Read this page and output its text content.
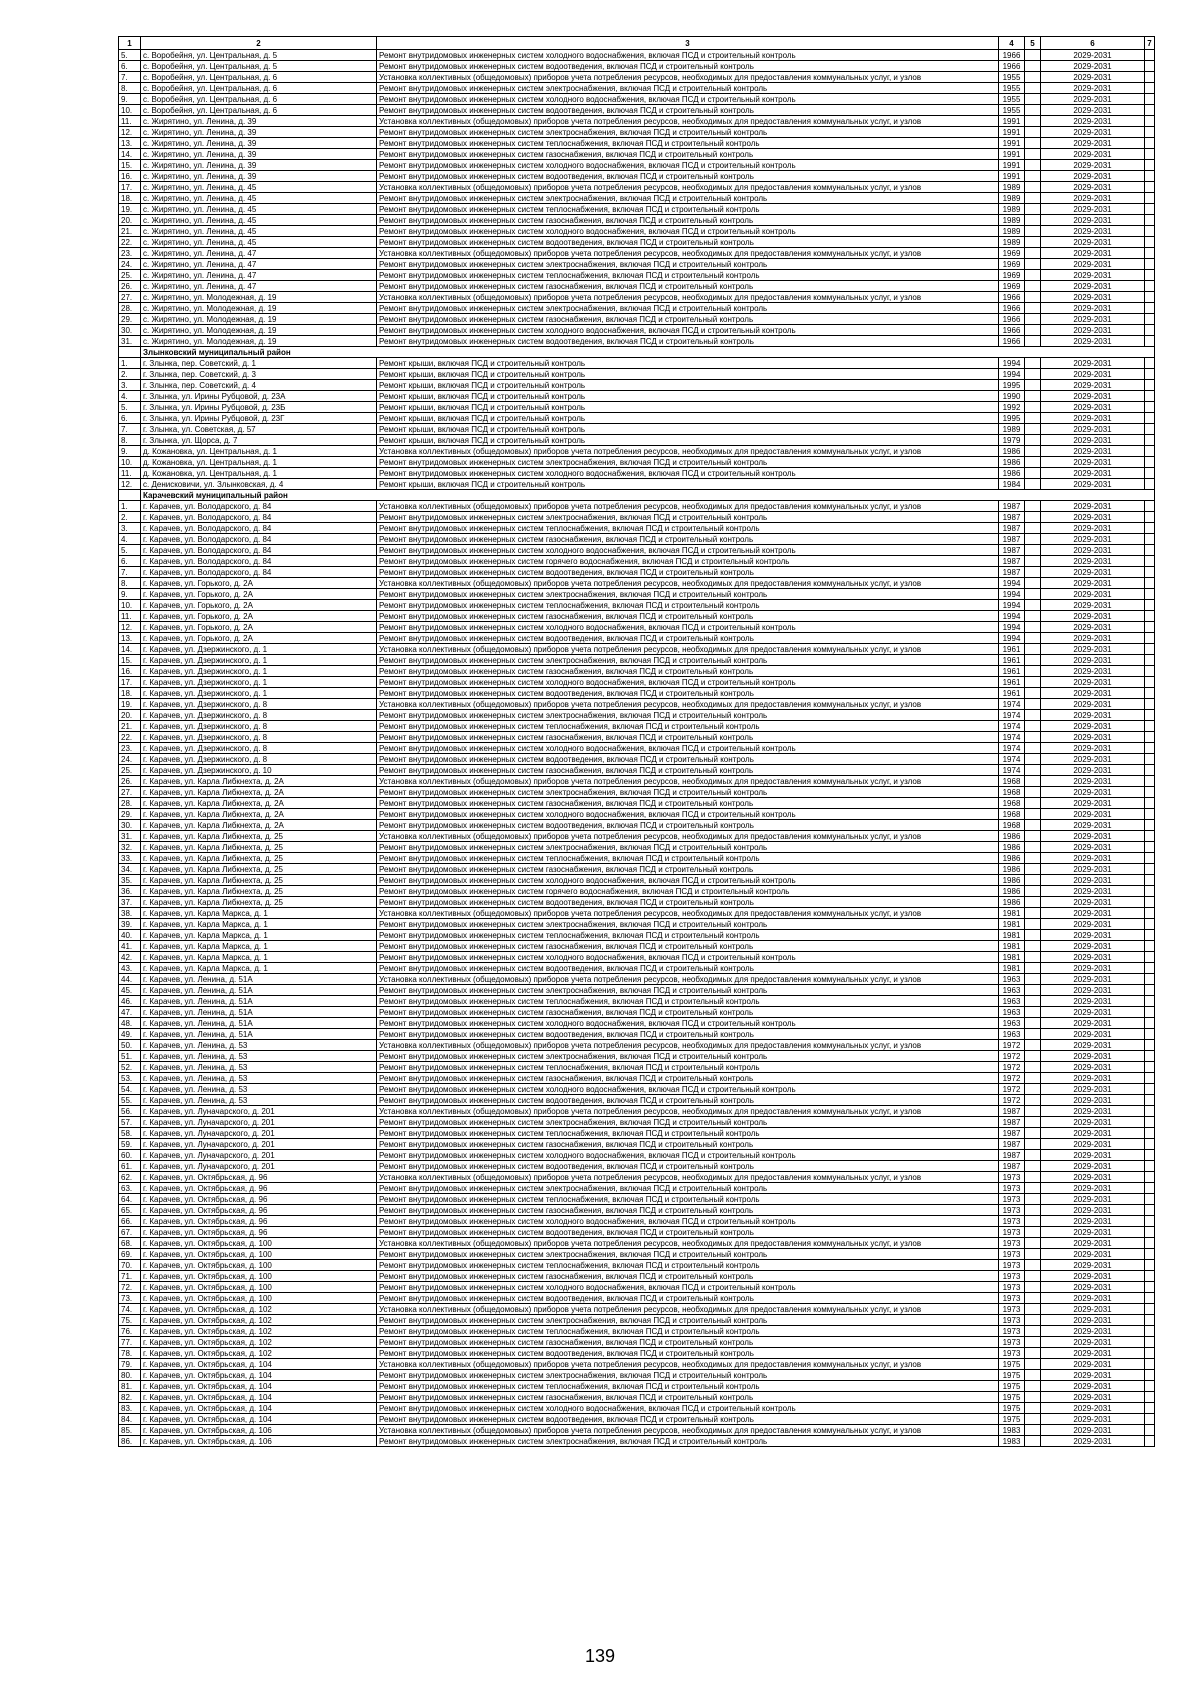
1	2	3	4	5	6	7
5.	с. Воробейня, ул. Центральная, д. 5	Ремонт внутридомовых инженерных систем холодного водоснабжения, включая ПСД и строительный контроль	1966		2029-2031	
6.	с. Воробейня, ул. Центральная, д. 5	Ремонт внутридомовых инженерных систем водоотведения, включая ПСД и строительный контроль	1966		2029-2031	
7.	с. Воробейня, ул. Центральная, д. 6	Установка коллективных (общедомовых) приборов учета потребления ресурсов, необходимых для предоставления коммунальных услуг, и узлов	1955		2029-2031	
8.	с. Воробейня, ул. Центральная, д. 6	Ремонт внутридомовых инженерных систем электроснабжения, включая ПСД и строительный контроль	1955		2029-2031	
9.	с. Воробейня, ул. Центральная, д. 6	Ремонт внутридомовых инженерных систем холодного водоснабжения, включая ПСД и строительный контроль	1955		2029-2031	
10.	с. Воробейня, ул. Центральная, д. 6	Ремонт внутридомовых инженерных систем водоотведения, включая ПСД и строительный контроль	1955		2029-2031	
11.	с. Жирятино, ул. Ленина, д. 39	Установка коллективных (общедомовых) приборов учета потребления ресурсов, необходимых для предоставления коммунальных услуг, и узлов	1991		2029-2031	
12.	с. Жирятино, ул. Ленина, д. 39	Ремонт внутридомовых инженерных систем электроснабжения, включая ПСД и строительный контроль	1991		2029-2031	
13.	с. Жирятино, ул. Ленина, д. 39	Ремонт внутридомовых инженерных систем теплоснабжения, включая ПСД и строительный контроль	1991		2029-2031	
14.	с. Жирятино, ул. Ленина, д. 39	Ремонт внутридомовых инженерных систем газоснабжения, включая ПСД и строительный контроль	1991		2029-2031	
15.	с. Жирятино, ул. Ленина, д. 39	Ремонт внутридомовых инженерных систем холодного водоснабжения, включая ПСД и строительный контроль	1991		2029-2031	
16.	с. Жирятино, ул. Ленина, д. 39	Ремонт внутридомовых инженерных систем водоотведения, включая ПСД и строительный контроль	1991		2029-2031	
17.	с. Жирятино, ул. Ленина, д. 45	Установка коллективных (общедомовых) приборов учета потребления ресурсов, необходимых для предоставления коммунальных услуг, и узлов	1989		2029-2031	
18.	с. Жирятино, ул. Ленина, д. 45	Ремонт внутридомовых инженерных систем электроснабжения, включая ПСД и строительный контроль	1989		2029-2031	
19.	с. Жирятино, ул. Ленина, д. 45	Ремонт внутридомовых инженерных систем теплоснабжения, включая ПСД и строительный контроль	1989		2029-2031	
20.	с. Жирятино, ул. Ленина, д. 45	Ремонт внутридомовых инженерных систем газоснабжения, включая ПСД и строительный контроль	1989		2029-2031	
21.	с. Жирятино, ул. Ленина, д. 45	Ремонт внутридомовых инженерных систем холодного водоснабжения, включая ПСД и строительный контроль	1989		2029-2031	
22.	с. Жирятино, ул. Ленина, д. 45	Ремонт внутридомовых инженерных систем водоотведения, включая ПСД и строительный контроль	1989		2029-2031	
23.	с. Жирятино, ул. Ленина, д. 47	Установка коллективных (общедомовых) приборов учета потребления ресурсов, необходимых для предоставления коммунальных услуг, и узлов	1969		2029-2031	
24.	с. Жирятино, ул. Ленина, д. 47	Ремонт внутридомовых инженерных систем электроснабжения, включая ПСД и строительный контроль	1969		2029-2031	
25.	с. Жирятино, ул. Ленина, д. 47	Ремонт внутридомовых инженерных систем теплоснабжения, включая ПСД и строительный контроль	1969		2029-2031	
26.	с. Жирятино, ул. Ленина, д. 47	Ремонт внутридомовых инженерных систем газоснабжения, включая ПСД и строительный контроль	1969		2029-2031	
27.	с. Жирятино, ул. Молодежная, д. 19	Установка коллективных (общедомовых) приборов учета потребления ресурсов, необходимых для предоставления коммунальных услуг, и узлов	1966		2029-2031	
28.	с. Жирятино, ул. Молодежная, д. 19	Ремонт внутридомовых инженерных систем электроснабжения, включая ПСД и строительный контроль	1966		2029-2031	
29.	с. Жирятино, ул. Молодежная, д. 19	Ремонт внутридомовых инженерных систем газоснабжения, включая ПСД и строительный контроль	1966		2029-2031	
30.	с. Жирятино, ул. Молодежная, д. 19	Ремонт внутридомовых инженерных систем холодного водоснабжения, включая ПСД и строительный контроль	1966		2029-2031	
31.	с. Жирятино, ул. Молодежная, д. 19	Ремонт внутридомовых инженерных систем водоотведения, включая ПСД и строительный контроль	1966		2029-2031	
	Злынковский муниципальный район					
1.	г. Злынка, пер. Советский, д. 1	Ремонт крыши, включая ПСД и строительный контроль	1994		2029-2031	
2.	г. Злынка, пер. Советский, д. 3	Ремонт крыши, включая ПСД и строительный контроль	1994		2029-2031	
3.	г. Злынка, пер. Советский, д. 4	Ремонт крыши, включая ПСД и строительный контроль	1995		2029-2031	
4.	г. Злынка, ул. Ирины Рубцовой, д. 23А	Ремонт крыши, включая ПСД и строительный контроль	1990		2029-2031	
5.	г. Злынка, ул. Ирины Рубцовой, д. 23Б	Ремонт крыши, включая ПСД и строительный контроль	1992		2029-2031	
6.	г. Злынка, ул. Ирины Рубцовой, д. 23Г	Ремонт крыши, включая ПСД и строительный контроль	1995		2029-2031	
7.	г. Злынка, ул. Советская, д. 57	Ремонт крыши, включая ПСД и строительный контроль	1989		2029-2031	
8.	г. Злынка, ул. Щорса, д. 7	Ремонт крыши, включая ПСД и строительный контроль	1979		2029-2031	
9.	д. Кожановка, ул. Центральная, д. 1	Установка коллективных (общедомовых) приборов учета потребления ресурсов, необходимых для предоставления коммунальных услуг, и узлов	1986		2029-2031	
10.	д. Кожановка, ул. Центральная, д. 1	Ремонт внутридомовых инженерных систем электроснабжения, включая ПСД и строительный контроль	1986		2029-2031	
11.	д. Кожановка, ул. Центральная, д. 1	Ремонт внутридомовых инженерных систем холодного водоснабжения, включая ПСД и строительный контроль	1986		2029-2031	
12.	с. Денисковичи, ул. Злынковская, д. 4	Ремонт крыши, включая ПСД и строительный контроль	1984		2029-2031	
	Карачевский муниципальный район					
1.	г. Карачев, ул. Володарского, д. 84	Установка коллективных (общедомовых) приборов учета потребления ресурсов, необходимых для предоставления коммунальных услуг, и узлов	1987		2029-2031	
2.	г. Карачев, ул. Володарского, д. 84	Ремонт внутридомовых инженерных систем электроснабжения, включая ПСД и строительный контроль	1987		2029-2031	
3.	г. Карачев, ул. Володарского, д. 84	Ремонт внутридомовых инженерных систем теплоснабжения, включая ПСД и строительный контроль	1987		2029-2031	
4.	г. Карачев, ул. Володарского, д. 84	Ремонт внутридомовых инженерных систем газоснабжения, включая ПСД и строительный контроль	1987		2029-2031	
5.	г. Карачев, ул. Володарского, д. 84	Ремонт внутридомовых инженерных систем холодного водоснабжения, включая ПСД и строительный контроль	1987		2029-2031	
6.	г. Карачев, ул. Володарского, д. 84	Ремонт внутридомовых инженерных систем горячего водоснабжения, включая ПСД и строительный контроль	1987		2029-2031	
7.	г. Карачев, ул. Володарского, д. 84	Ремонт внутридомовых инженерных систем водоотведения, включая ПСД и строительный контроль	1987		2029-2031	
8.	г. Карачев, ул. Горького, д. 2А	Установка коллективных (общедомовых) приборов учета потребления ресурсов, необходимых для предоставления коммунальных услуг, и узлов	1994		2029-2031	
9.	г. Карачев, ул. Горького, д. 2А	Ремонт внутридомовых инженерных систем электроснабжения, включая ПСД и строительный контроль	1994		2029-2031	
10.	г. Карачев, ул. Горького, д. 2А	Ремонт внутридомовых инженерных систем теплоснабжения, включая ПСД и строительный контроль	1994		2029-2031	
11.	г. Карачев, ул. Горького, д. 2А	Ремонт внутридомовых инженерных систем газоснабжения, включая ПСД и строительный контроль	1994		2029-2031	
12.	г. Карачев, ул. Горького, д. 2А	Ремонт внутридомовых инженерных систем холодного водоснабжения, включая ПСД и строительный контроль	1994		2029-2031	
13.	г. Карачев, ул. Горького, д. 2А	Ремонт внутридомовых инженерных систем водоотведения, включая ПСД и строительный контроль	1994		2029-2031	
14.	г. Карачев, ул. Дзержинского, д. 1	Установка коллективных (общедомовых) приборов учета потребления ресурсов, необходимых для предоставления коммунальных услуг, и узлов	1961		2029-2031	
15.	г. Карачев, ул. Дзержинского, д. 1	Ремонт внутридомовых инженерных систем электроснабжения, включая ПСД и строительный контроль	1961		2029-2031	
16.	г. Карачев, ул. Дзержинского, д. 1	Ремонт внутридомовых инженерных систем газоснабжения, включая ПСД и строительный контроль	1961		2029-2031	
17.	г. Карачев, ул. Дзержинского, д. 1	Ремонт внутридомовых инженерных систем холодного водоснабжения, включая ПСД и строительный контроль	1961		2029-2031	
18.	г. Карачев, ул. Дзержинского, д. 1	Ремонт внутридомовых инженерных систем водоотведения, включая ПСД и строительный контроль	1961		2029-2031	
19.	г. Карачев, ул. Дзержинского, д. 8	Установка коллективных (общедомовых) приборов учета потребления ресурсов, необходимых для предоставления коммунальных услуг, и узлов	1974		2029-2031	
20.	г. Карачев, ул. Дзержинского, д. 8	Ремонт внутридомовых инженерных систем электроснабжения, включая ПСД и строительный контроль	1974		2029-2031	
21.	г. Карачев, ул. Дзержинского, д. 8	Ремонт внутридомовых инженерных систем теплоснабжения, включая ПСД и строительный контроль	1974		2029-2031	
22.	г. Карачев, ул. Дзержинского, д. 8	Ремонт внутридомовых инженерных систем газоснабжения, включая ПСД и строительный контроль	1974		2029-2031	
23.	г. Карачев, ул. Дзержинского, д. 8	Ремонт внутридомовых инженерных систем холодного водоснабжения, включая ПСД и строительный контроль	1974		2029-2031	
24.	г. Карачев, ул. Дзержинского, д. 8	Ремонт внутридомовых инженерных систем водоотведения, включая ПСД и строительный контроль	1974		2029-2031	
25.	г. Карачев, ул. Дзержинского, д. 10	Ремонт внутридомовых инженерных систем газоснабжения, включая ПСД и строительный контроль	1974		2029-2031	
26.	г. Карачев, ул. Карла Либкнехта, д. 2А	Установка коллективных (общедомовых) приборов учета потребления ресурсов, необходимых для предоставления коммунальных услуг, и узлов	1968		2029-2031	
27.	г. Карачев, ул. Карла Либкнехта, д. 2А	Ремонт внутридомовых инженерных систем электроснабжения, включая ПСД и строительный контроль	1968		2029-2031	
28.	г. Карачев, ул. Карла Либкнехта, д. 2А	Ремонт внутридомовых инженерных систем газоснабжения, включая ПСД и строительный контроль	1968		2029-2031	
29.	г. Карачев, ул. Карла Либкнехта, д. 2А	Ремонт внутридомовых инженерных систем холодного водоснабжения, включая ПСД и строительный контроль	1968		2029-2031	
30.	г. Карачев, ул. Карла Либкнехта, д. 2А	Ремонт внутридомовых инженерных систем водоотведения, включая ПСД и строительный контроль	1968		2029-2031	
31.	г. Карачев, ул. Карла Либкнехта, д. 25	Установка коллективных (общедомовых) приборов учета потребления ресурсов, необходимых для предоставления коммунальных услуг, и узлов	1986		2029-2031	
32.	г. Карачев, ул. Карла Либкнехта, д. 25	Ремонт внутридомовых инженерных систем электроснабжения, включая ПСД и строительный контроль	1986		2029-2031	
33.	г. Карачев, ул. Карла Либкнехта, д. 25	Ремонт внутридомовых инженерных систем теплоснабжения, включая ПСД и строительный контроль	1986		2029-2031	
34.	г. Карачев, ул. Карла Либкнехта, д. 25	Ремонт внутридомовых инженерных систем газоснабжения, включая ПСД и строительный контроль	1986		2029-2031	
35.	г. Карачев, ул. Карла Либкнехта, д. 25	Ремонт внутридомовых инженерных систем холодного водоснабжения, включая ПСД и строительный контроль	1986		2029-2031	
36.	г. Карачев, ул. Карла Либкнехта, д. 25	Ремонт внутридомовых инженерных систем горячего водоснабжения, включая ПСД и строительный контроль	1986		2029-2031	
37.	г. Карачев, ул. Карла Либкнехта, д. 25	Ремонт внутридомовых инженерных систем водоотведения, включая ПСД и строительный контроль	1986		2029-2031	
38.	г. Карачев, ул. Карла Маркса, д. 1	Установка коллективных (общедомовых) приборов учета потребления ресурсов, необходимых для предоставления коммунальных услуг, и узлов	1981		2029-2031	
39.	г. Карачев, ул. Карла Маркса, д. 1	Ремонт внутридомовых инженерных систем электроснабжения, включая ПСД и строительный контроль	1981		2029-2031	
40.	г. Карачев, ул. Карла Маркса, д. 1	Ремонт внутридомовых инженерных систем теплоснабжения, включая ПСД и строительный контроль	1981		2029-2031	
41.	г. Карачев, ул. Карла Маркса, д. 1	Ремонт внутридомовых инженерных систем газоснабжения, включая ПСД и строительный контроль	1981		2029-2031	
42.	г. Карачев, ул. Карла Маркса, д. 1	Ремонт внутридомовых инженерных систем холодного водоснабжения, включая ПСД и строительный контроль	1981		2029-2031	
43.	г. Карачев, ул. Карла Маркса, д. 1	Ремонт внутридомовых инженерных систем водоотведения, включая ПСД и строительный контроль	1981		2029-2031	
44.	г. Карачев, ул. Ленина, д. 51А	Установка коллективных (общедомовых) приборов учета потребления ресурсов, необходимых для предоставления коммунальных услуг, и узлов	1963		2029-2031	
45.	г. Карачев, ул. Ленина, д. 51А	Ремонт внутридомовых инженерных систем электроснабжения, включая ПСД и строительный контроль	1963		2029-2031	
46.	г. Карачев, ул. Ленина, д. 51А	Ремонт внутридомовых инженерных систем теплоснабжения, включая ПСД и строительный контроль	1963		2029-2031	
47.	г. Карачев, ул. Ленина, д. 51А	Ремонт внутридомовых инженерных систем газоснабжения, включая ПСД и строительный контроль	1963		2029-2031	
48.	г. Карачев, ул. Ленина, д. 51А	Ремонт внутридомовых инженерных систем холодного водоснабжения, включая ПСД и строительный контроль	1963		2029-2031	
49.	г. Карачев, ул. Ленина, д. 51А	Ремонт внутридомовых инженерных систем водоотведения, включая ПСД и строительный контроль	1963		2029-2031	
50.	г. Карачев, ул. Ленина, д. 53	Установка коллективных (общедомовых) приборов учета потребления ресурсов, необходимых для предоставления коммунальных услуг, и узлов	1972		2029-2031	
51.	г. Карачев, ул. Ленина, д. 53	Ремонт внутридомовых инженерных систем электроснабжения, включая ПСД и строительный контроль	1972		2029-2031	
52.	г. Карачев, ул. Ленина, д. 53	Ремонт внутридомовых инженерных систем теплоснабжения, включая ПСД и строительный контроль	1972		2029-2031	
53.	г. Карачев, ул. Ленина, д. 53	Ремонт внутридомовых инженерных систем газоснабжения, включая ПСД и строительный контроль	1972		2029-2031	
54.	г. Карачев, ул. Ленина, д. 53	Ремонт внутридомовых инженерных систем холодного водоснабжения, включая ПСД и строительный контроль	1972		2029-2031	
55.	г. Карачев, ул. Ленина, д. 53	Ремонт внутридомовых инженерных систем водоотведения, включая ПСД и строительный контроль	1972		2029-2031	
56.	г. Карачев, ул. Луначарского, д. 201	Установка коллективных (общедомовых) приборов учета потребления ресурсов, необходимых для предоставления коммунальных услуг, и узлов	1987		2029-2031	
57.	г. Карачев, ул. Луначарского, д. 201	Ремонт внутридомовых инженерных систем электроснабжения, включая ПСД и строительный контроль	1987		2029-2031	
58.	г. Карачев, ул. Луначарского, д. 201	Ремонт внутридомовых инженерных систем теплоснабжения, включая ПСД и строительный контроль	1987		2029-2031	
59.	г. Карачев, ул. Луначарского, д. 201	Ремонт внутридомовых инженерных систем газоснабжения, включая ПСД и строительный контроль	1987		2029-2031	
60.	г. Карачев, ул. Луначарского, д. 201	Ремонт внутридомовых инженерных систем холодного водоснабжения, включая ПСД и строительный контроль	1987		2029-2031	
61.	г. Карачев, ул. Луначарского, д. 201	Ремонт внутридомовых инженерных систем водоотведения, включая ПСД и строительный контроль	1987		2029-2031	
62.	г. Карачев, ул. Октябрьская, д. 96	Установка коллективных (общедомовых) приборов учета потребления ресурсов, необходимых для предоставления коммунальных услуг, и узлов	1973		2029-2031	
63.	г. Карачев, ул. Октябрьская, д. 96	Ремонт внутридомовых инженерных систем электроснабжения, включая ПСД и строительный контроль	1973		2029-2031	
64.	г. Карачев, ул. Октябрьская, д. 96	Ремонт внутридомовых инженерных систем теплоснабжения, включая ПСД и строительный контроль	1973		2029-2031	
65.	г. Карачев, ул. Октябрьская, д. 96	Ремонт внутридомовых инженерных систем газоснабжения, включая ПСД и строительный контроль	1973		2029-2031	
66.	г. Карачев, ул. Октябрьская, д. 96	Ремонт внутридомовых инженерных систем холодного водоснабжения, включая ПСД и строительный контроль	1973		2029-2031	
67.	г. Карачев, ул. Октябрьская, д. 96	Ремонт внутридомовых инженерных систем водоотведения, включая ПСД и строительный контроль	1973		2029-2031	
68.	г. Карачев, ул. Октябрьская, д. 100	Установка коллективных (общедомовых) приборов учета потребления ресурсов, необходимых для предоставления коммунальных услуг, и узлов	1973		2029-2031	
69.	г. Карачев, ул. Октябрьская, д. 100	Ремонт внутридомовых инженерных систем электроснабжения, включая ПСД и строительный контроль	1973		2029-2031	
70.	г. Карачев, ул. Октябрьская, д. 100	Ремонт внутридомовых инженерных систем теплоснабжения, включая ПСД и строительный контроль	1973		2029-2031	
71.	г. Карачев, ул. Октябрьская, д. 100	Ремонт внутридомовых инженерных систем газоснабжения, включая ПСД и строительный контроль	1973		2029-2031	
72.	г. Карачев, ул. Октябрьская, д. 100	Ремонт внутридомовых инженерных систем холодного водоснабжения, включая ПСД и строительный контроль	1973		2029-2031	
73.	г. Карачев, ул. Октябрьская, д. 100	Ремонт внутридомовых инженерных систем водоотведения, включая ПСД и строительный контроль	1973		2029-2031	
74.	г. Карачев, ул. Октябрьская, д. 102	Установка коллективных (общедомовых) приборов учета потребления ресурсов, необходимых для предоставления коммунальных услуг, и узлов	1973		2029-2031	
75.	г. Карачев, ул. Октябрьская, д. 102	Ремонт внутридомовых инженерных систем электроснабжения, включая ПСД и строительный контроль	1973		2029-2031	
76.	г. Карачев, ул. Октябрьская, д. 102	Ремонт внутридомовых инженерных систем теплоснабжения, включая ПСД и строительный контроль	1973		2029-2031	
77.	г. Карачев, ул. Октябрьская, д. 102	Ремонт внутридомовых инженерных систем газоснабжения, включая ПСД и строительный контроль	1973		2029-2031	
78.	г. Карачев, ул. Октябрьская, д. 102	Ремонт внутридомовых инженерных систем водоотведения, включая ПСД и строительный контроль	1973		2029-2031	
79.	г. Карачев, ул. Октябрьская, д. 104	Установка коллективных (общедомовых) приборов учета потребления ресурсов, необходимых для предоставления коммунальных услуг, и узлов	1975		2029-2031	
80.	г. Карачев, ул. Октябрьская, д. 104	Ремонт внутридомовых инженерных систем электроснабжения, включая ПСД и строительный контроль	1975		2029-2031	
81.	г. Карачев, ул. Октябрьская, д. 104	Ремонт внутридомовых инженерных систем теплоснабжения, включая ПСД и строительный контроль	1975		2029-2031	
82.	г. Карачев, ул. Октябрьская, д. 104	Ремонт внутридомовых инженерных систем газоснабжения, включая ПСД и строительный контроль	1975		2029-2031	
83.	г. Карачев, ул. Октябрьская, д. 104	Ремонт внутридомовых инженерных систем холодного водоснабжения, включая ПСД и строительный контроль	1975		2029-2031	
84.	г. Карачев, ул. Октябрьская, д. 104	Ремонт внутридомовых инженерных систем водоотведения, включая ПСД и строительный контроль	1975		2029-2031	
85.	г. Карачев, ул. Октябрьская, д. 106	Установка коллективных (общедомовых) приборов учета потребления ресурсов, необходимых для предоставления коммунальных услуг, и узлов	1983		2029-2031	
86.	г. Карачев, ул. Октябрьская, д. 106	Ремонт внутридомовых инженерных систем электроснабжения, включая ПСД и строительный контроль	1983		2029-2031	
139
